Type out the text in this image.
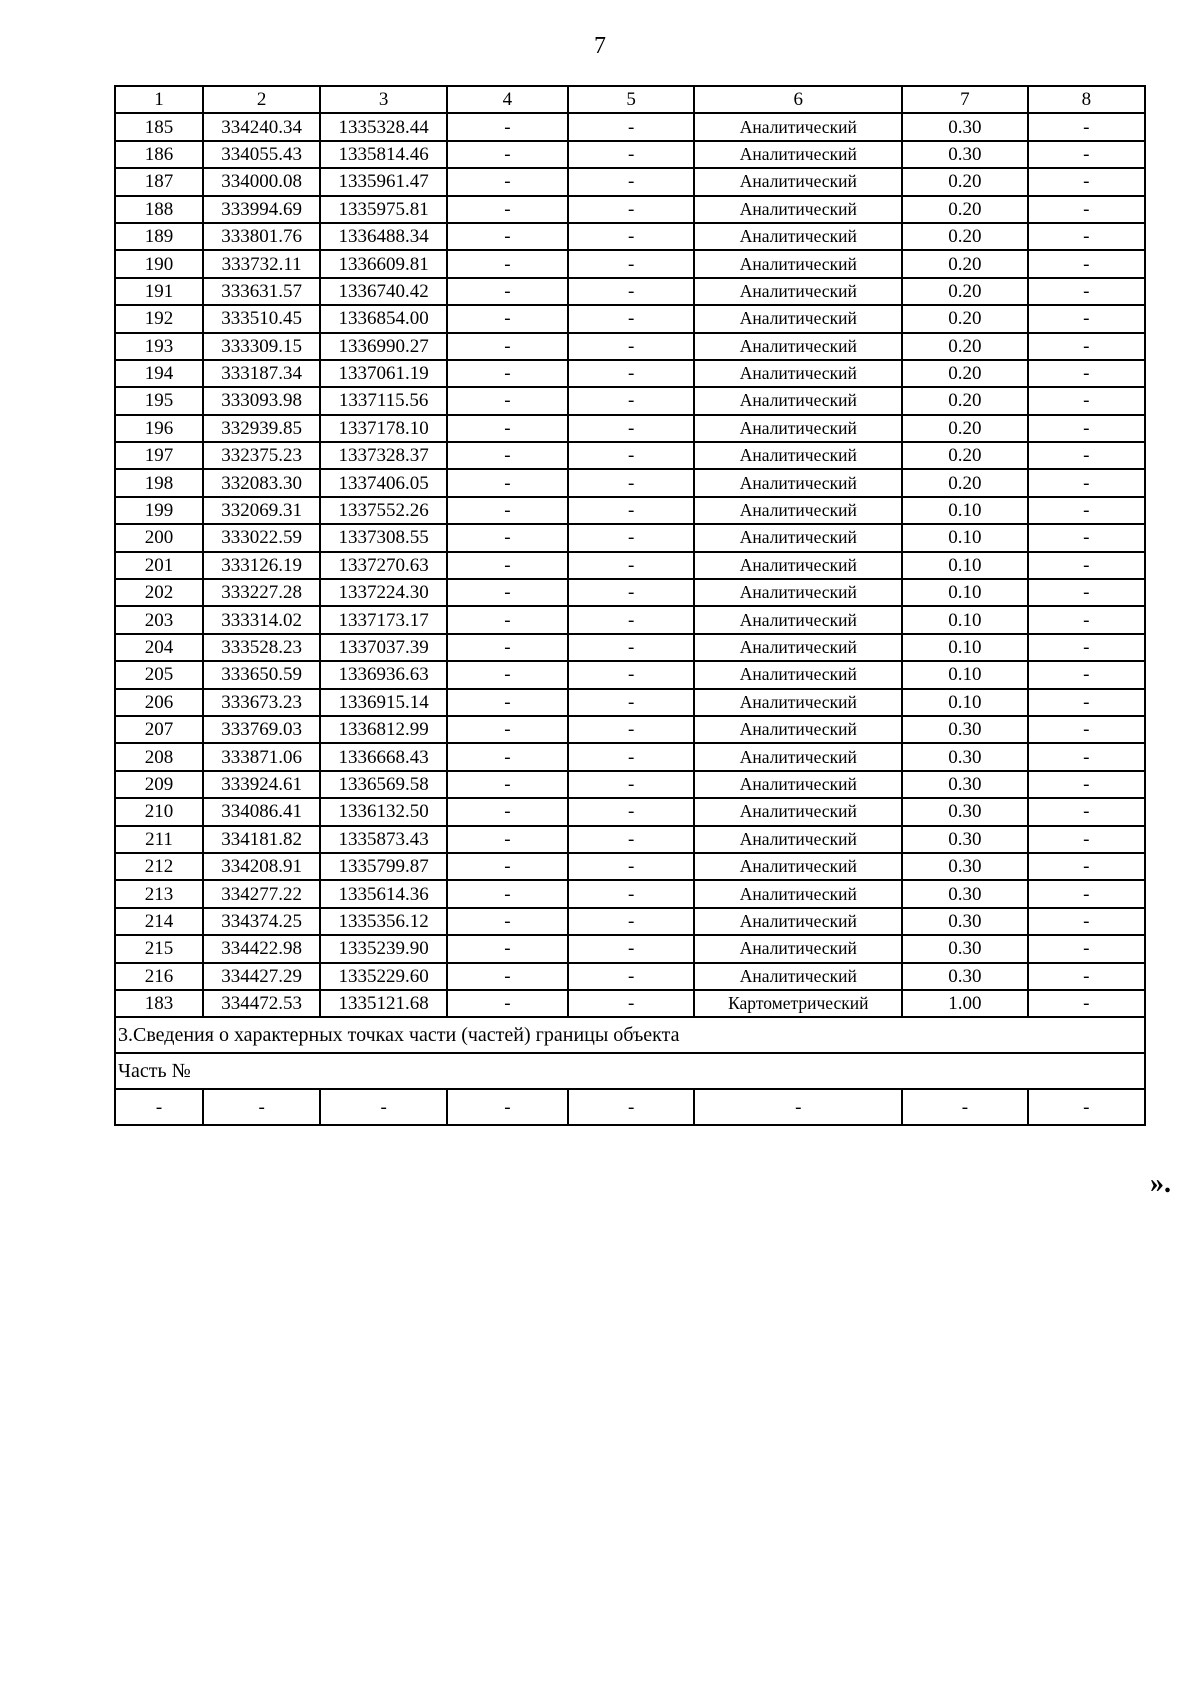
7
1	2	3	4	5	6	7	8
185	334240.34	1335328.44	-	-	Аналитический	0.30	-
186	334055.43	1335814.46	-	-	Аналитический	0.30	-
187	334000.08	1335961.47	-	-	Аналитический	0.20	-
188	333994.69	1335975.81	-	-	Аналитический	0.20	-
189	333801.76	1336488.34	-	-	Аналитический	0.20	-
190	333732.11	1336609.81	-	-	Аналитический	0.20	-
191	333631.57	1336740.42	-	-	Аналитический	0.20	-
192	333510.45	1336854.00	-	-	Аналитический	0.20	-
193	333309.15	1336990.27	-	-	Аналитический	0.20	-
194	333187.34	1337061.19	-	-	Аналитический	0.20	-
195	333093.98	1337115.56	-	-	Аналитический	0.20	-
196	332939.85	1337178.10	-	-	Аналитический	0.20	-
197	332375.23	1337328.37	-	-	Аналитический	0.20	-
198	332083.30	1337406.05	-	-	Аналитический	0.20	-
199	332069.31	1337552.26	-	-	Аналитический	0.10	-
200	333022.59	1337308.55	-	-	Аналитический	0.10	-
201	333126.19	1337270.63	-	-	Аналитический	0.10	-
202	333227.28	1337224.30	-	-	Аналитический	0.10	-
203	333314.02	1337173.17	-	-	Аналитический	0.10	-
204	333528.23	1337037.39	-	-	Аналитический	0.10	-
205	333650.59	1336936.63	-	-	Аналитический	0.10	-
206	333673.23	1336915.14	-	-	Аналитический	0.10	-
207	333769.03	1336812.99	-	-	Аналитический	0.30	-
208	333871.06	1336668.43	-	-	Аналитический	0.30	-
209	333924.61	1336569.58	-	-	Аналитический	0.30	-
210	334086.41	1336132.50	-	-	Аналитический	0.30	-
211	334181.82	1335873.43	-	-	Аналитический	0.30	-
212	334208.91	1335799.87	-	-	Аналитический	0.30	-
213	334277.22	1335614.36	-	-	Аналитический	0.30	-
214	334374.25	1335356.12	-	-	Аналитический	0.30	-
215	334422.98	1335239.90	-	-	Аналитический	0.30	-
216	334427.29	1335229.60	-	-	Аналитический	0.30	-
183	334472.53	1335121.68	-	-	Картометрический	1.00	-
3.Сведения о характерных точках части (частей) границы объекта							
Часть №							
-	-	-	-	-	-	-	-
».
